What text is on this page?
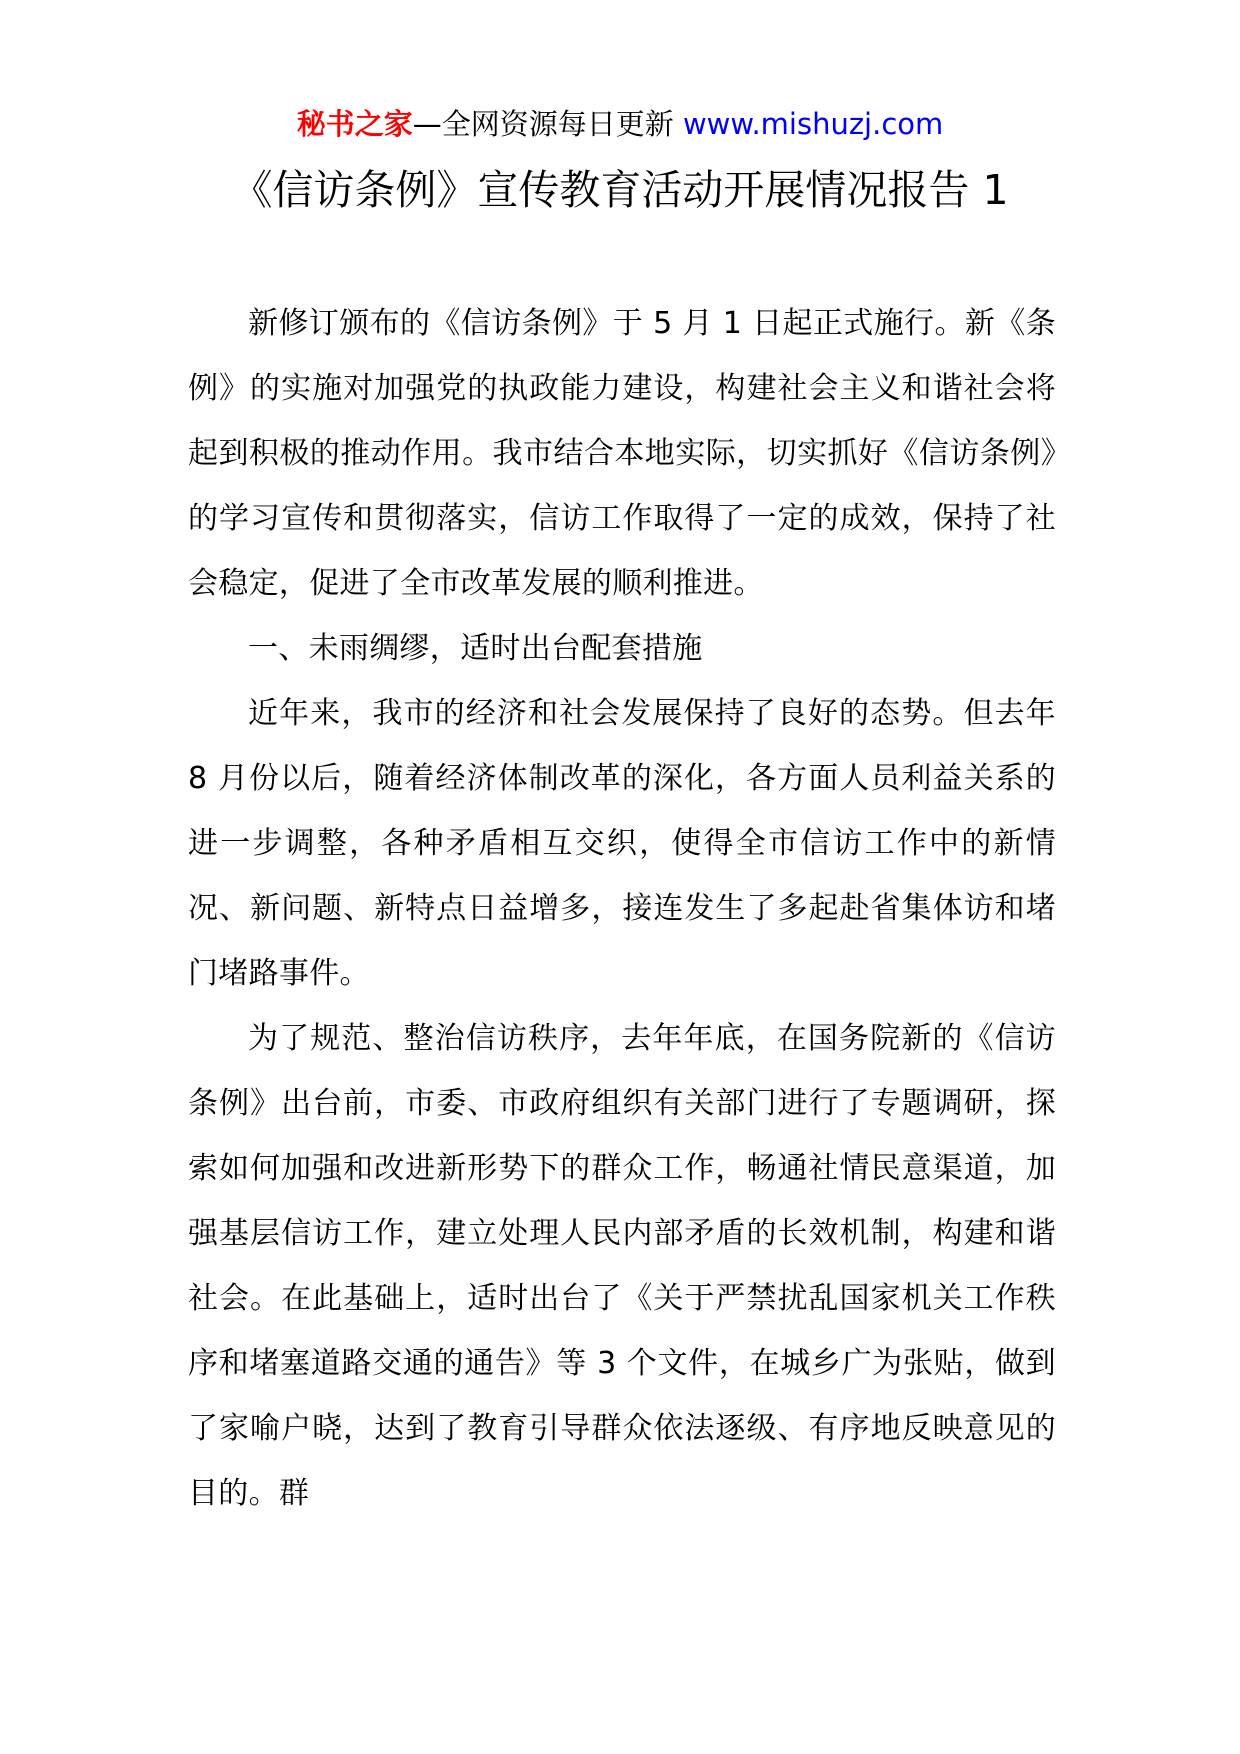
秘书之家—全网资源每日更新 www.mishuzj.com
《信访条例》宣传教育活动开展情况报告 1

新修订颁布的《信访条例》于 5 月 1 日起正式施行。新《条例》的实施对加强党的执政能力建设，构建社会主义和谐社会将起到积极的推动作用。我市结合本地实际，切实抓好《信访条例》的学习宣传和贯彻落实，信访工作取得了一定的成效，保持了社会稳定，促进了全市改革发展的顺利推进。

一、未雨绸缪，适时出台配套措施

近年来，我市的经济和社会发展保持了良好的态势。但去年 8 月份以后，随着经济体制改革的深化，各方面人员利益关系的进一步调整，各种矛盾相互交织，使得全市信访工作中的新情况、新问题、新特点日益增多，接连发生了多起赴省集体访和堵门堵路事件。

为了规范、整治信访秩序，去年年底，在国务院新的《信访条例》出台前，市委、市政府组织有关部门进行了专题调研，探索如何加强和改进新形势下的群众工作，畅通社情民意渠道，加强基层信访工作，建立处理人民内部矛盾的长效机制，构建和谐社会。在此基础上，适时出台了《关于严禁扰乱国家机关工作秩序和堵塞道路交通的通告》等 3 个文件，在城乡广为张贴，做到了家喻户晓，达到了教育引导群众依法逐级、有序地反映意见的目的。群
